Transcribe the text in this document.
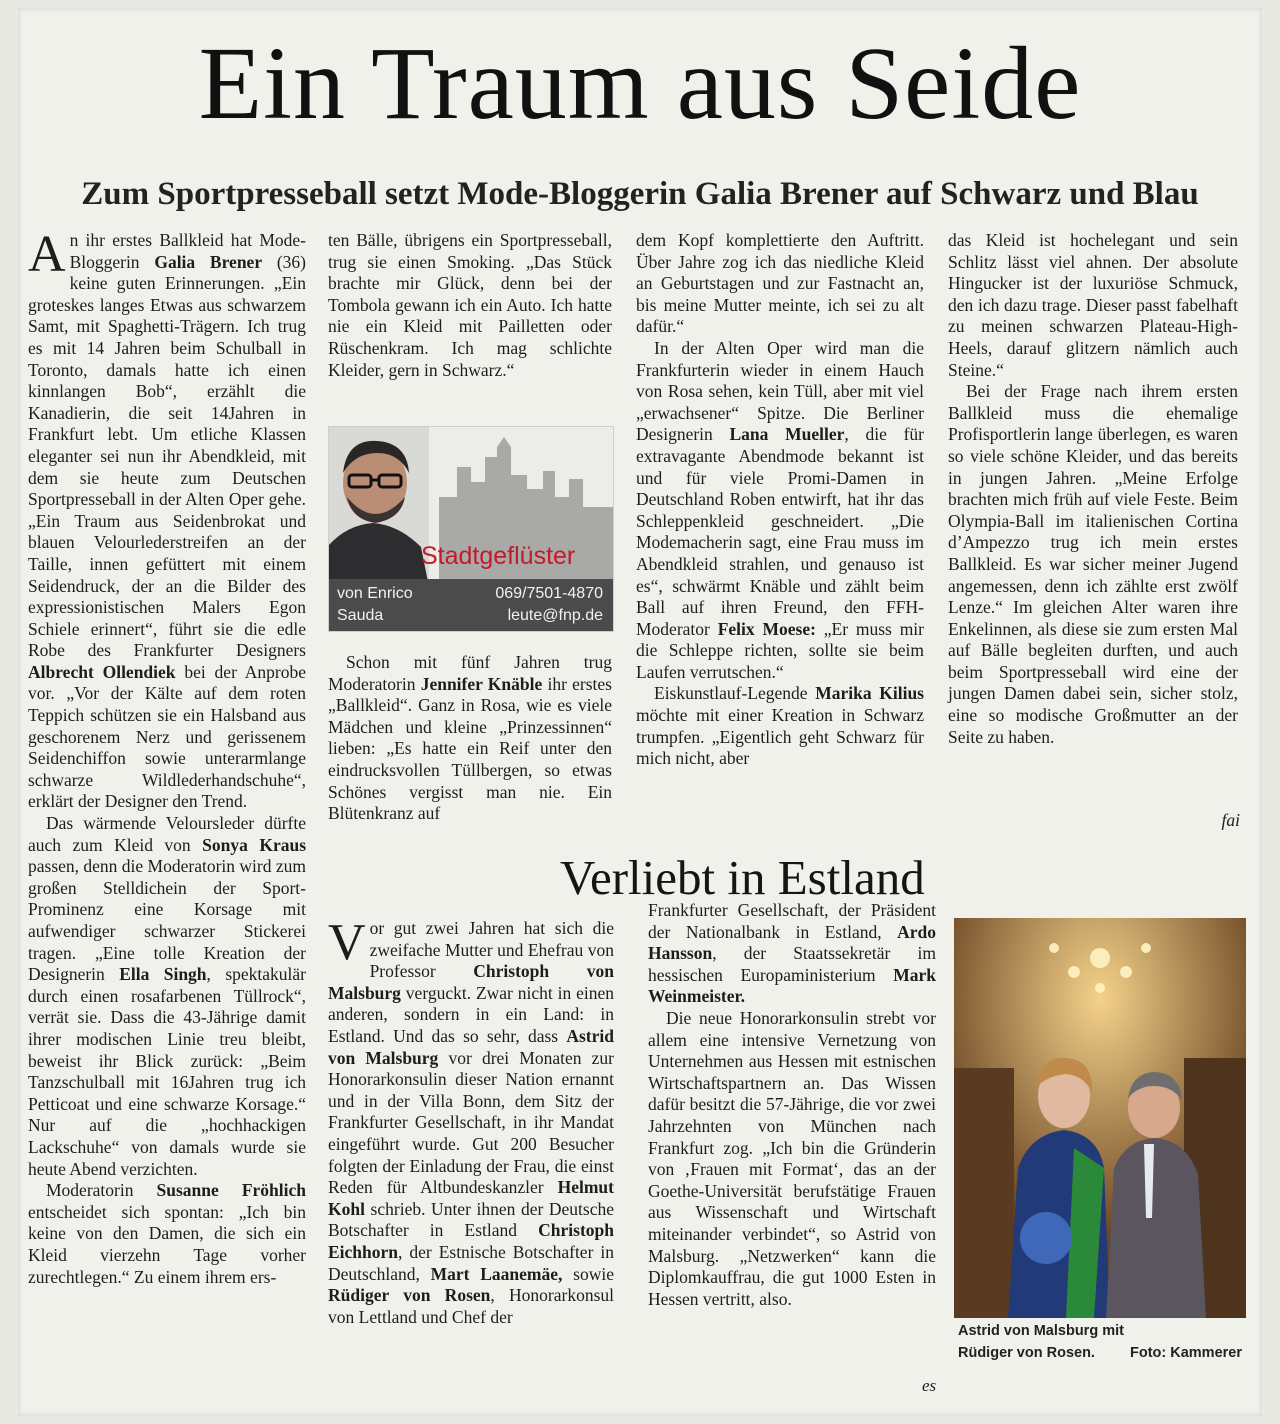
Ein Traum aus Seide
Zum Sportpresseball setzt Mode-Bloggerin Galia Brener auf Schwarz und Blau

An ihr erstes Ballkleid hat Mode-Bloggerin Galia Brener (36) keine guten Erinnerungen. „Ein groteskes langes Etwas aus schwarzem Samt, mit Spaghetti-Trägern. Ich trug es mit 14 Jahren beim Schulball in Toronto, damals hatte ich einen kinnlangen Bob“, erzählt die Kanadierin, die seit 14Jahren in Frankfurt lebt. Um etliche Klassen eleganter sei nun ihr Abendkleid, mit dem sie heute zum Deutschen Sportpresseball in der Alten Oper gehe. „Ein Traum aus Seidenbrokat und blauen Velourlederstreifen an der Taille, innen gefüttert mit einem Seidendruck, der an die Bilder des expressionistischen Malers Egon Schiele erinnert“, führt sie die edle Robe des Frankfurter Designers Albrecht Ollendiek bei der Anprobe vor. „Vor der Kälte auf dem roten Teppich schützen sie ein Halsband aus geschorenem Nerz und gerissenem Seidenchiffon sowie unterarmlange schwarze Wildlederhandschuhe“, erklärt der Designer den Trend.

Das wärmende Veloursleder dürfte auch zum Kleid von Sonya Kraus passen, denn die Moderatorin wird zum großen Stelldichein der Sport-Prominenz eine Korsage mit aufwendiger schwarzer Stickerei tragen. „Eine tolle Kreation der Designerin Ella Singh, spektakulär durch einen rosafarbenen Tüllrock“, verrät sie. Dass die 43-Jährige damit ihrer modischen Linie treu bleibt, beweist ihr Blick zurück: „Beim Tanzschulball mit 16Jahren trug ich Petticoat und eine schwarze Korsage.“ Nur auf die „hochhackigen Lackschuhe“ von damals wurde sie heute Abend verzichten.

Moderatorin Susanne Fröhlich entscheidet sich spontan: „Ich bin keine von den Damen, die sich ein Kleid vierzehn Tage vorher zurechtlegen.“ Zu einem ihrem ers-

ten Bälle, übrigens ein Sportpresseball, trug sie einen Smoking. „Das Stück brachte mir Glück, denn bei der Tombola gewann ich ein Auto. Ich hatte nie ein Kleid mit Pailletten oder Rüschenkram. Ich mag schlichte Kleider, gern in Schwarz.“

Stadtgeflüster
von Enrico Sauda
069/7501-4870
leute@fnp.de

Schon mit fünf Jahren trug Moderatorin Jennifer Knäble ihr erstes „Ballkleid“. Ganz in Rosa, wie es viele Mädchen und kleine „Prinzessinnen“ lieben: „Es hatte ein Reif unter den eindrucksvollen Tüllbergen, so etwas Schönes vergisst man nie. Ein Blütenkranz auf

dem Kopf komplettierte den Auftritt. Über Jahre zog ich das niedliche Kleid an Geburtstagen und zur Fastnacht an, bis meine Mutter meinte, ich sei zu alt dafür.“

In der Alten Oper wird man die Frankfurterin wieder in einem Hauch von Rosa sehen, kein Tüll, aber mit viel „erwachsener“ Spitze. Die Berliner Designerin Lana Mueller, die für extravagante Abendmode bekannt ist und für viele Promi-Damen in Deutschland Roben entwirft, hat ihr das Schleppenkleid geschneidert. „Die Modemacherin sagt, eine Frau muss im Abendkleid strahlen, und genauso ist es“, schwärmt Knäble und zählt beim Ball auf ihren Freund, den FFH-Moderator Felix Moese: „Er muss mir die Schleppe richten, sollte sie beim Laufen verrutschen.“

Eiskunstlauf-Legende Marika Kilius möchte mit einer Kreation in Schwarz trumpfen. „Eigentlich geht Schwarz für mich nicht, aber

das Kleid ist hochelegant und sein Schlitz lässt viel ahnen. Der absolute Hingucker ist der luxuriöse Schmuck, den ich dazu trage. Dieser passt fabelhaft zu meinen schwarzen Plateau-High-Heels, darauf glitzern nämlich auch Steine.“

Bei der Frage nach ihrem ersten Ballkleid muss die ehemalige Profisportlerin lange überlegen, es waren so viele schöne Kleider, und das bereits in jungen Jahren. „Meine Erfolge brachten mich früh auf viele Feste. Beim Olympia-Ball im italienischen Cortina d’Ampezzo trug ich mein erstes Ballkleid. Es war sicher meiner Jugend angemessen, denn ich zählte erst zwölf Lenze.“ Im gleichen Alter waren ihre Enkelinnen, als diese sie zum ersten Mal auf Bälle begleiten durften, und auch beim Sportpresseball wird eine der jungen Damen dabei sein, sicher stolz, eine so modische Großmutter an der Seite zu haben.

fai
Verliebt in Estland

Vor gut zwei Jahren hat sich die zweifache Mutter und Ehefrau von Professor Christoph von Malsburg verguckt. Zwar nicht in einen anderen, sondern in ein Land: in Estland. Und das so sehr, dass Astrid von Malsburg vor drei Monaten zur Honorarkonsulin dieser Nation ernannt und in der Villa Bonn, dem Sitz der Frankfurter Gesellschaft, in ihr Mandat eingeführt wurde. Gut 200 Besucher folgten der Einladung der Frau, die einst Reden für Altbundeskanzler Helmut Kohl schrieb. Unter ihnen der Deutsche Botschafter in Estland Christoph Eichhorn, der Estnische Botschafter in Deutschland, Mart Laanemäe, sowie Rüdiger von Rosen, Honorarkonsul von Lettland und Chef der

Frankfurter Gesellschaft, der Präsident der Nationalbank in Estland, Ardo Hansson, der Staatssekretär im hessischen Europaministerium Mark Weinmeister.

Die neue Honorarkonsulin strebt vor allem eine intensive Vernetzung von Unternehmen aus Hessen mit estnischen Wirtschaftspartnern an. Das Wissen dafür besitzt die 57-Jährige, die vor zwei Jahrzehnten von München nach Frankfurt zog. „Ich bin die Gründerin von ‚Frauen mit Format‘, das an der Goethe-Universität berufstätige Frauen aus Wissenschaft und Wirtschaft miteinander verbindet“, so Astrid von Malsburg. „Netzwerken“ kann die Diplomkauffrau, die gut 1000 Esten in Hessen vertritt, also.

es
Astrid von Malsburg mit Rüdiger von Rosen.	Foto: Kammerer
